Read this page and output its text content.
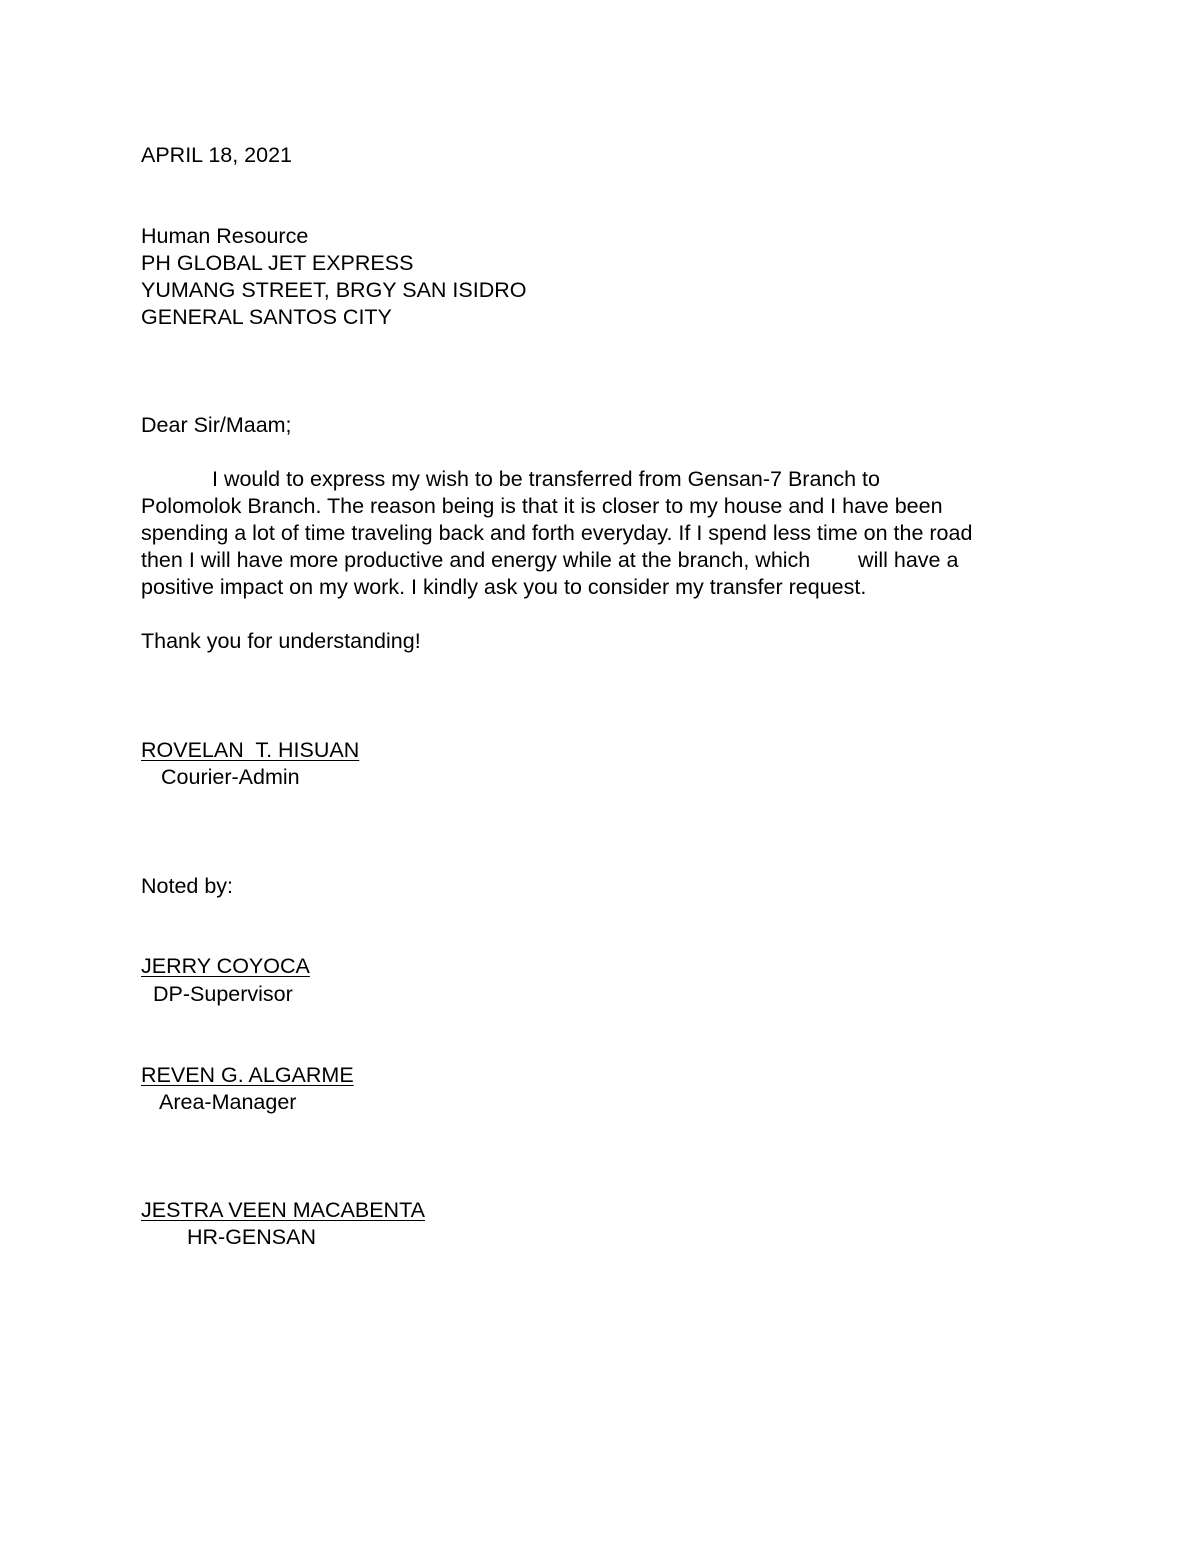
APRIL 18, 2021
Human Resource
PH GLOBAL JET EXPRESS
YUMANG STREET, BRGY SAN ISIDRO
GENERAL SANTOS CITY
Dear Sir/Maam;
I would to express my wish to be transferred from Gensan-7 Branch to
Polomolok Branch. The reason being is that it is closer to my house and I have been
spending a lot of time traveling back and forth everyday. If I spend less time on the road
then I will have more productive and energy while at the branch, which        will have a
positive impact on my work. I kindly ask you to consider my transfer request.
Thank you for understanding!
ROVELAN  T. HISUAN
Courier-Admin
Noted by:
JERRY COYOCA
DP-Supervisor
REVEN G. ALGARME
Area-Manager
JESTRA VEEN MACABENTA
HR-GENSAN
